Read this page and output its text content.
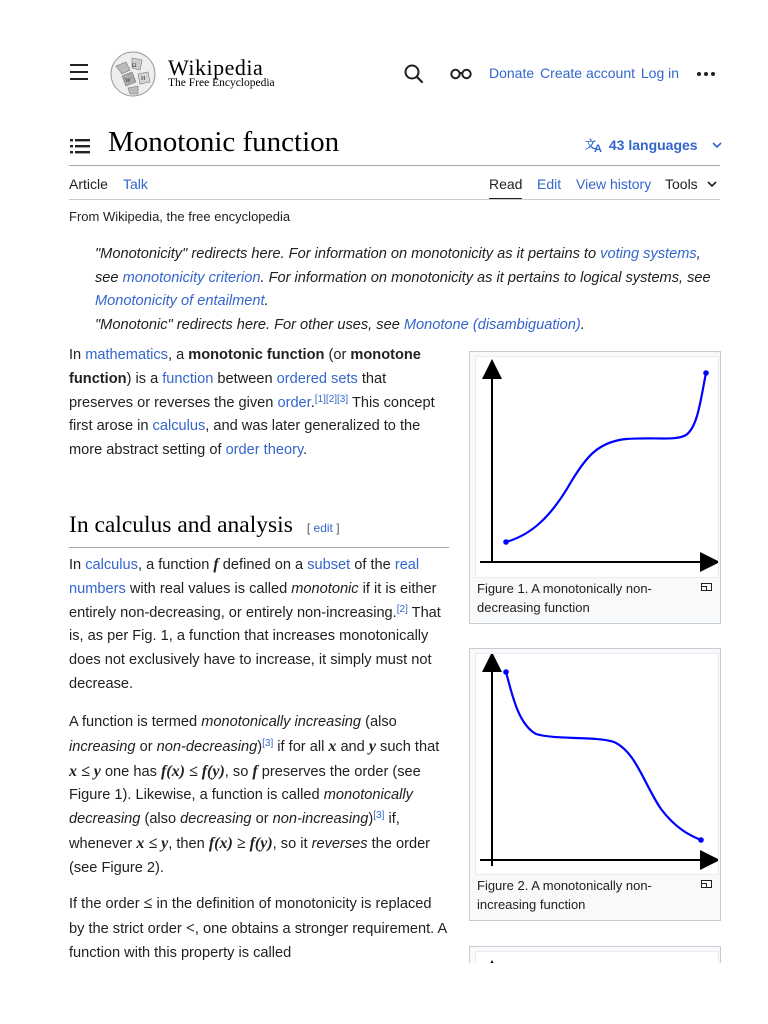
Ω
W И Wikipedia
The Free Encyclopedia
Donate Create account Log in
Monotonic function	文
A 43 languages
Article Talk	Read Edit View history Tools
From Wikipedia, the free encyclopedia

"Monotonicity" redirects here. For information on monotonicity as it pertains to voting systems, see monotonicity criterion. For information on monotonicity as it pertains to logical systems, see Monotonicity of entailment.

"Monotonic" redirects here. For other uses, see Monotone (disambiguation).

In mathematics, a monotonic function (or monotone function) is a function between ordered sets that preserves or reverses the given order.[1][2][3] This concept first arose in calculus, and was later generalized to the more abstract setting of order theory.

In calculus and analysis [ edit ]

In calculus, a function f defined on a subset of the real numbers with real values is called monotonic if it is either entirely non-decreasing, or entirely non-increasing.[2] That is, as per Fig. 1, a function that increases monotonically does not exclusively have to increase, it simply must not decrease.

A function is termed monotonically increasing (also increasing or non-decreasing)[3] if for all x and y such that x ≤ y one has f(x) ≤ f(y), so f preserves the order (see Figure 1). Likewise, a function is called monotonically decreasing (also decreasing or non-increasing)[3] if, whenever x ≤ y, then f(x) ≥ f(y), so it reverses the order (see Figure 2).

If the order ≤ in the definition of monotonicity is replaced by the strict order <, one obtains a stronger requirement. A function with this property is called

Figure 1. A monotonically non-decreasing function
Figure 2. A monotonically non-increasing function
